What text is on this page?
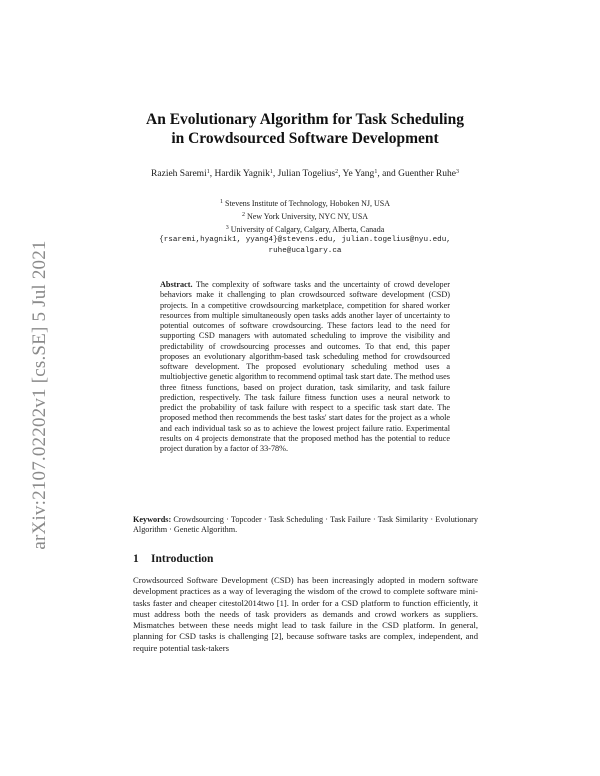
arXiv:2107.02202v1 [cs.SE] 5 Jul 2021
An Evolutionary Algorithm for Task Scheduling
in Crowdsourced Software Development
Razieh Saremi$^1$, Hardik Yagnik$^1$, Julian Togelius$^2$, Ye Yang$^1$, and Guenther Ruhe$^3$
$^1$ Stevens Institute of Technology, Hoboken NJ, USA
$^2$ New York University, NYC NY, USA
$^3$ University of Calgary, Calgary, Alberta, Canada
{rsaremi,hyagnik1, yyang4}@stevens.edu, julian.togelius@nyu.edu,
ruhe@ucalgary.ca
Abstract. The complexity of software tasks and the uncertainty of crowd developer behaviors make it challenging to plan crowdsourced software development (CSD) projects. In a competitive crowdsourcing marketplace, competition for shared worker resources from multiple simultaneously open tasks adds another layer of uncertainty to potential outcomes of software crowdsourcing. These factors lead to the need for supporting CSD managers with automated scheduling to improve the visibility and predictability of crowdsourcing processes and outcomes. To that end, this paper proposes an evolutionary algorithm-based task scheduling method for crowdsourced software development. The proposed evolutionary scheduling method uses a multiobjective genetic algorithm to recommend optimal task start date. The method uses three fitness functions, based on project duration, task similarity, and task failure prediction, respectively. The task failure fitness function uses a neural network to predict the probability of task failure with respect to a specific task start date. The proposed method then recommends the best tasks' start dates for the project as a whole and each individual task so as to achieve the lowest project failure ratio. Experimental results on 4 projects demonstrate that the proposed method has the potential to reduce project duration by a factor of 33-78%.
Keywords: Crowdsourcing · Topcoder · Task Scheduling · Task Failure · Task Similarity · Evolutionary Algorithm · Genetic Algorithm.
1 Introduction
Crowdsourced Software Development (CSD) has been increasingly adopted in modern software development practices as a way of leveraging the wisdom of the crowd to complete software mini-tasks faster and cheaper citestol2014two [1]. In order for a CSD platform to function efficiently, it must address both the needs of task providers as demands and crowd workers as suppliers. Mismatches between these needs might lead to task failure in the CSD platform. In general, planning for CSD tasks is challenging [2], because software tasks are complex, independent, and require potential task-takers
